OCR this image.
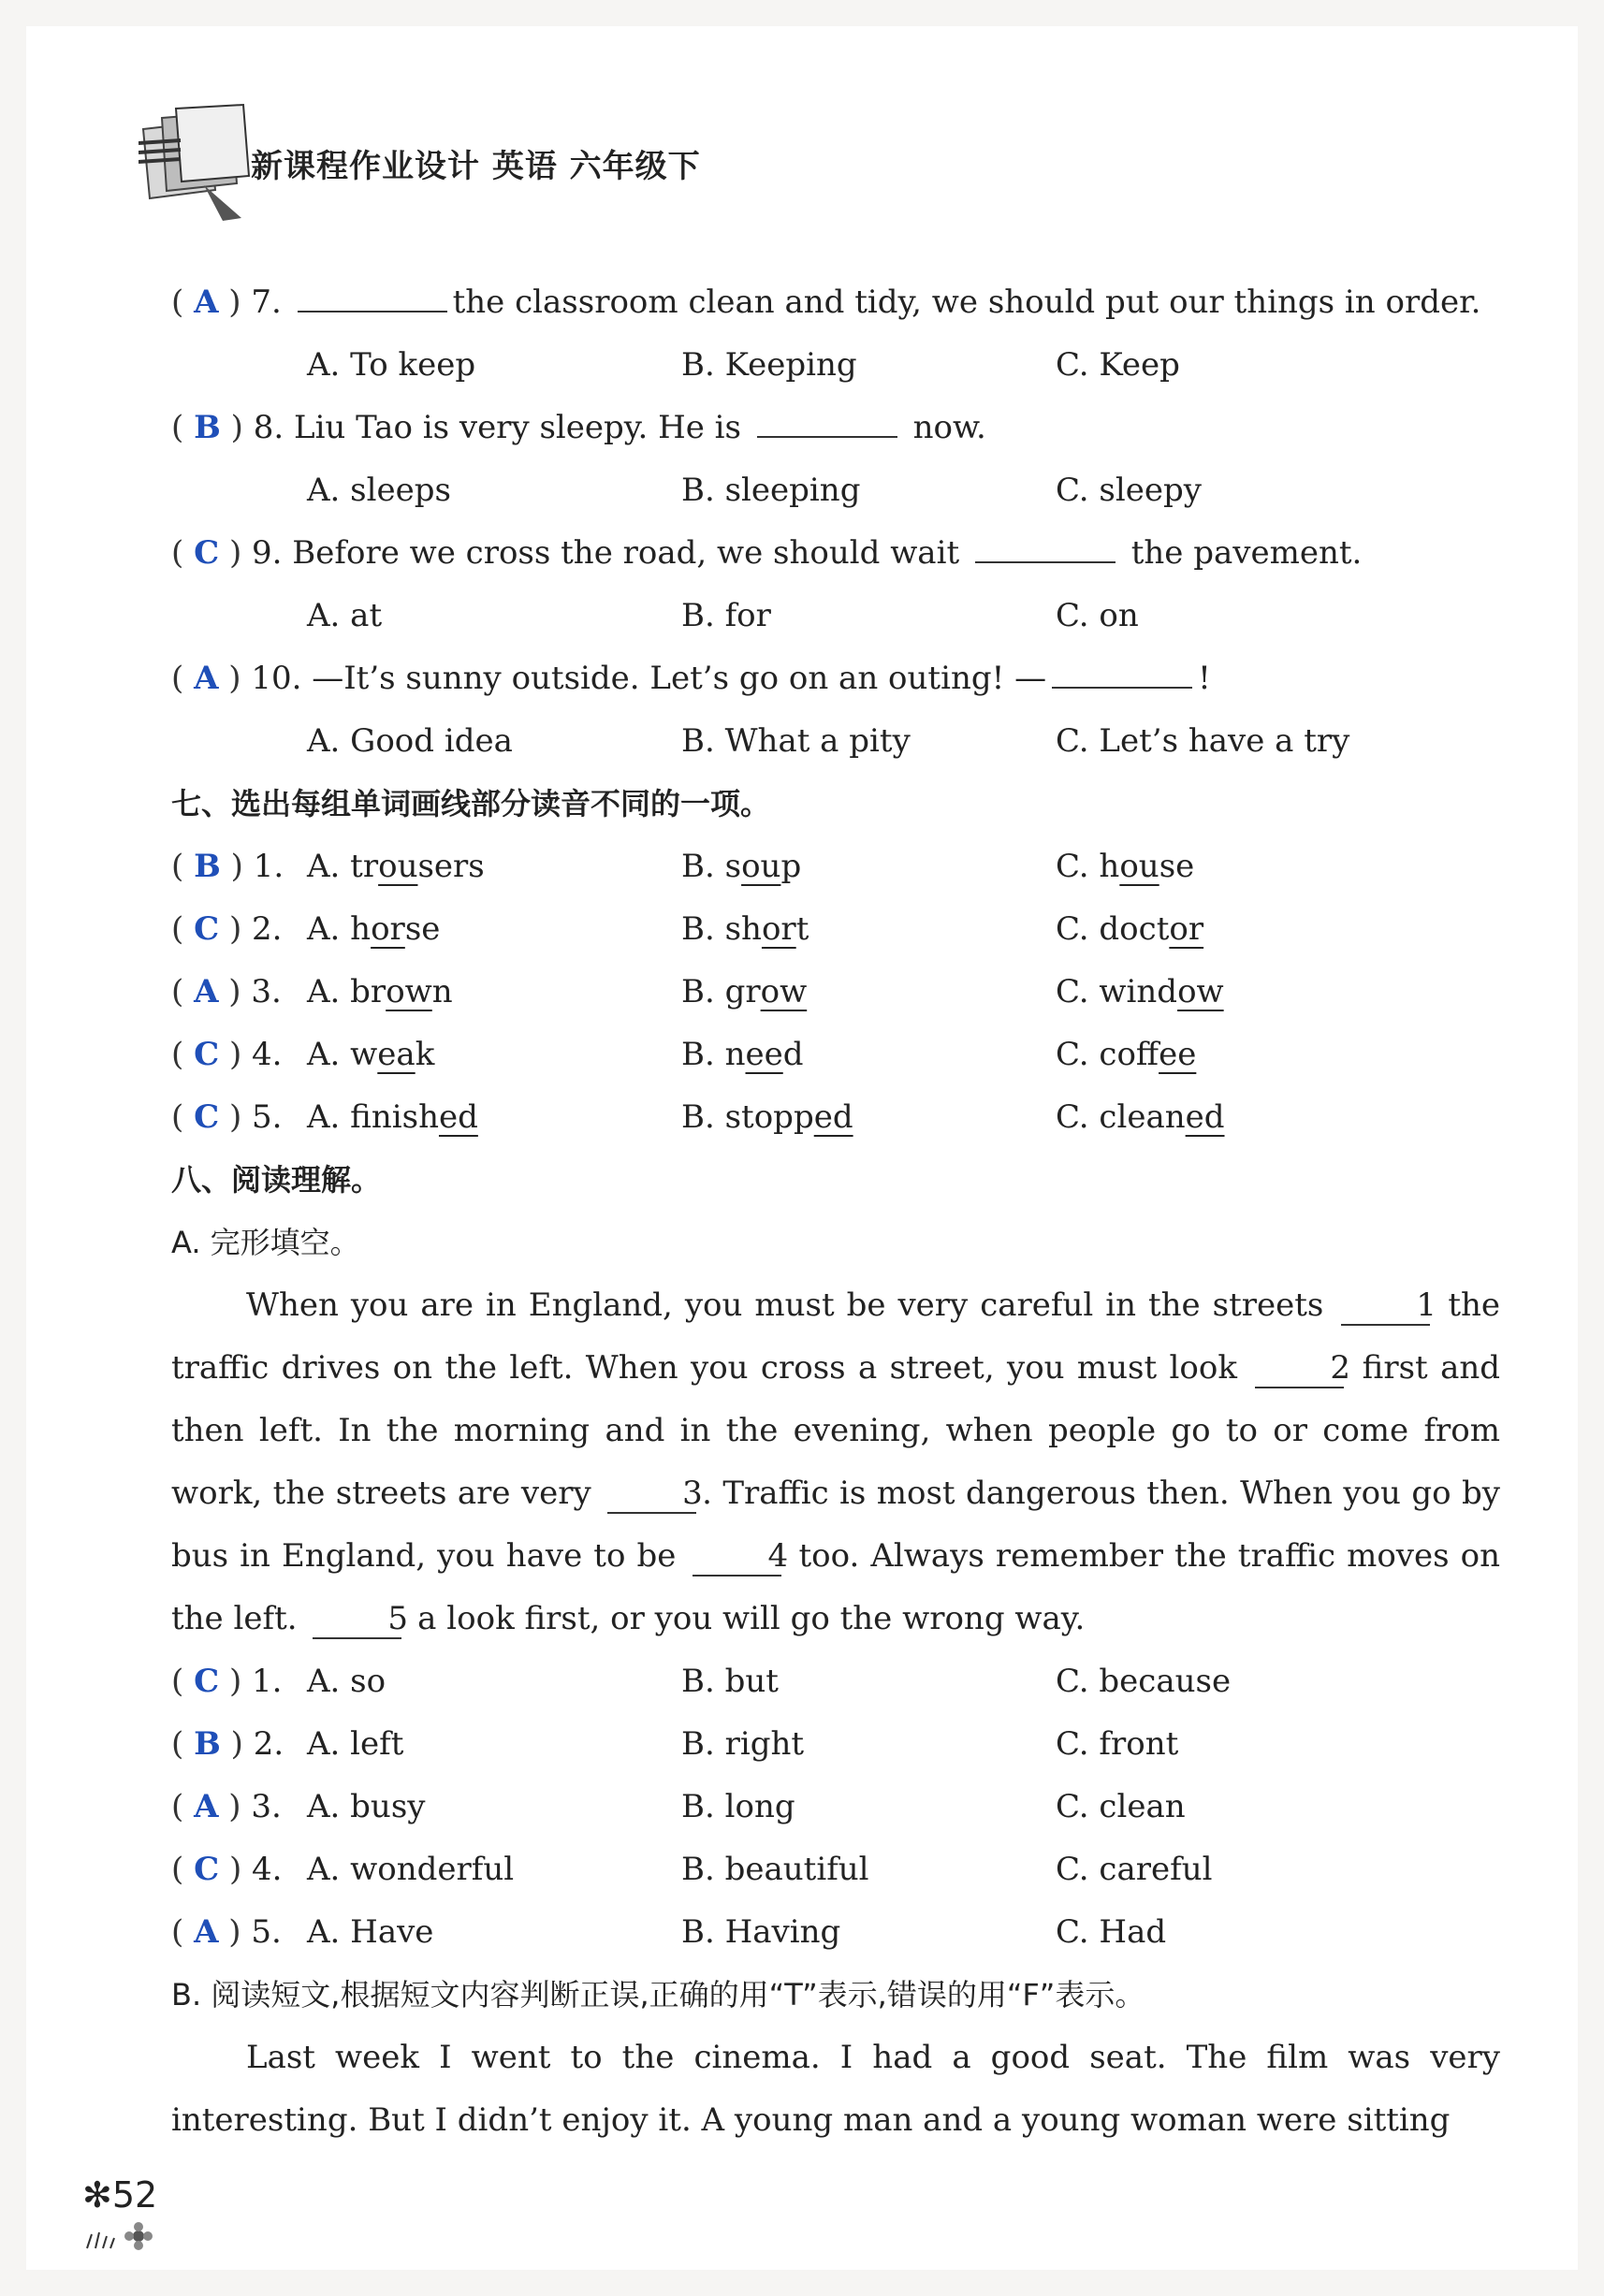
新课程作业设计 英语 六年级下
( A ) 7.	the classroom clean and tidy, we should put our things in order.
A. To keep	B. Keeping	C. Keep
( B ) 8. Liu Tao is very sleepy. He is	now.
A. sleeps	B. sleeping	C. sleepy
( C ) 9. Before we cross the road, we should wait	the pavement.
A. at	B. for	C. on
( A ) 10. —It’s sunny outside. Let’s go on an outing! —	!
A. Good idea	B. What a pity	C. Let’s have a try
七、选出每组单词画线部分读音不同的一项。
( B ) 1. A. trousers	B. soup	C. house
( C ) 2. A. horse	B. short	C. doctor
( A ) 3. A. brown	B. grow	C. window
( C ) 4. A. weak	B. need	C. coffee
( C ) 5. A. finished	B. stopped	C. cleaned
八、阅读理解。
A. 完形填空。

When you are in England, you must be very careful in the streets	1 the traffic drives on the left. When you cross a street, you must look	2 first and then left. In the morning and in the evening, when people go to or come from work, the streets are very	3. Traffic is most dangerous then. When you go by bus in England, you have to be	4 too. Always remember the traffic moves on the left.	5 a look first, or you will go the wrong way.

( C ) 1. A. so	B. but	C. because
( B ) 2. A. left	B. right	C. front
( A ) 3. A. busy	B. long	C. clean
( C ) 4. A. wonderful	B. beautiful	C. careful
( A ) 5. A. Have	B. Having	C. Had
B. 阅读短文,根据短文内容判断正误,正确的用“T”表示,错误的用“F”表示。

Last week I went to the cinema. I had a good seat. The film was very interesting. But I didn’t enjoy it. A young man and a young woman were sitting

✻52
